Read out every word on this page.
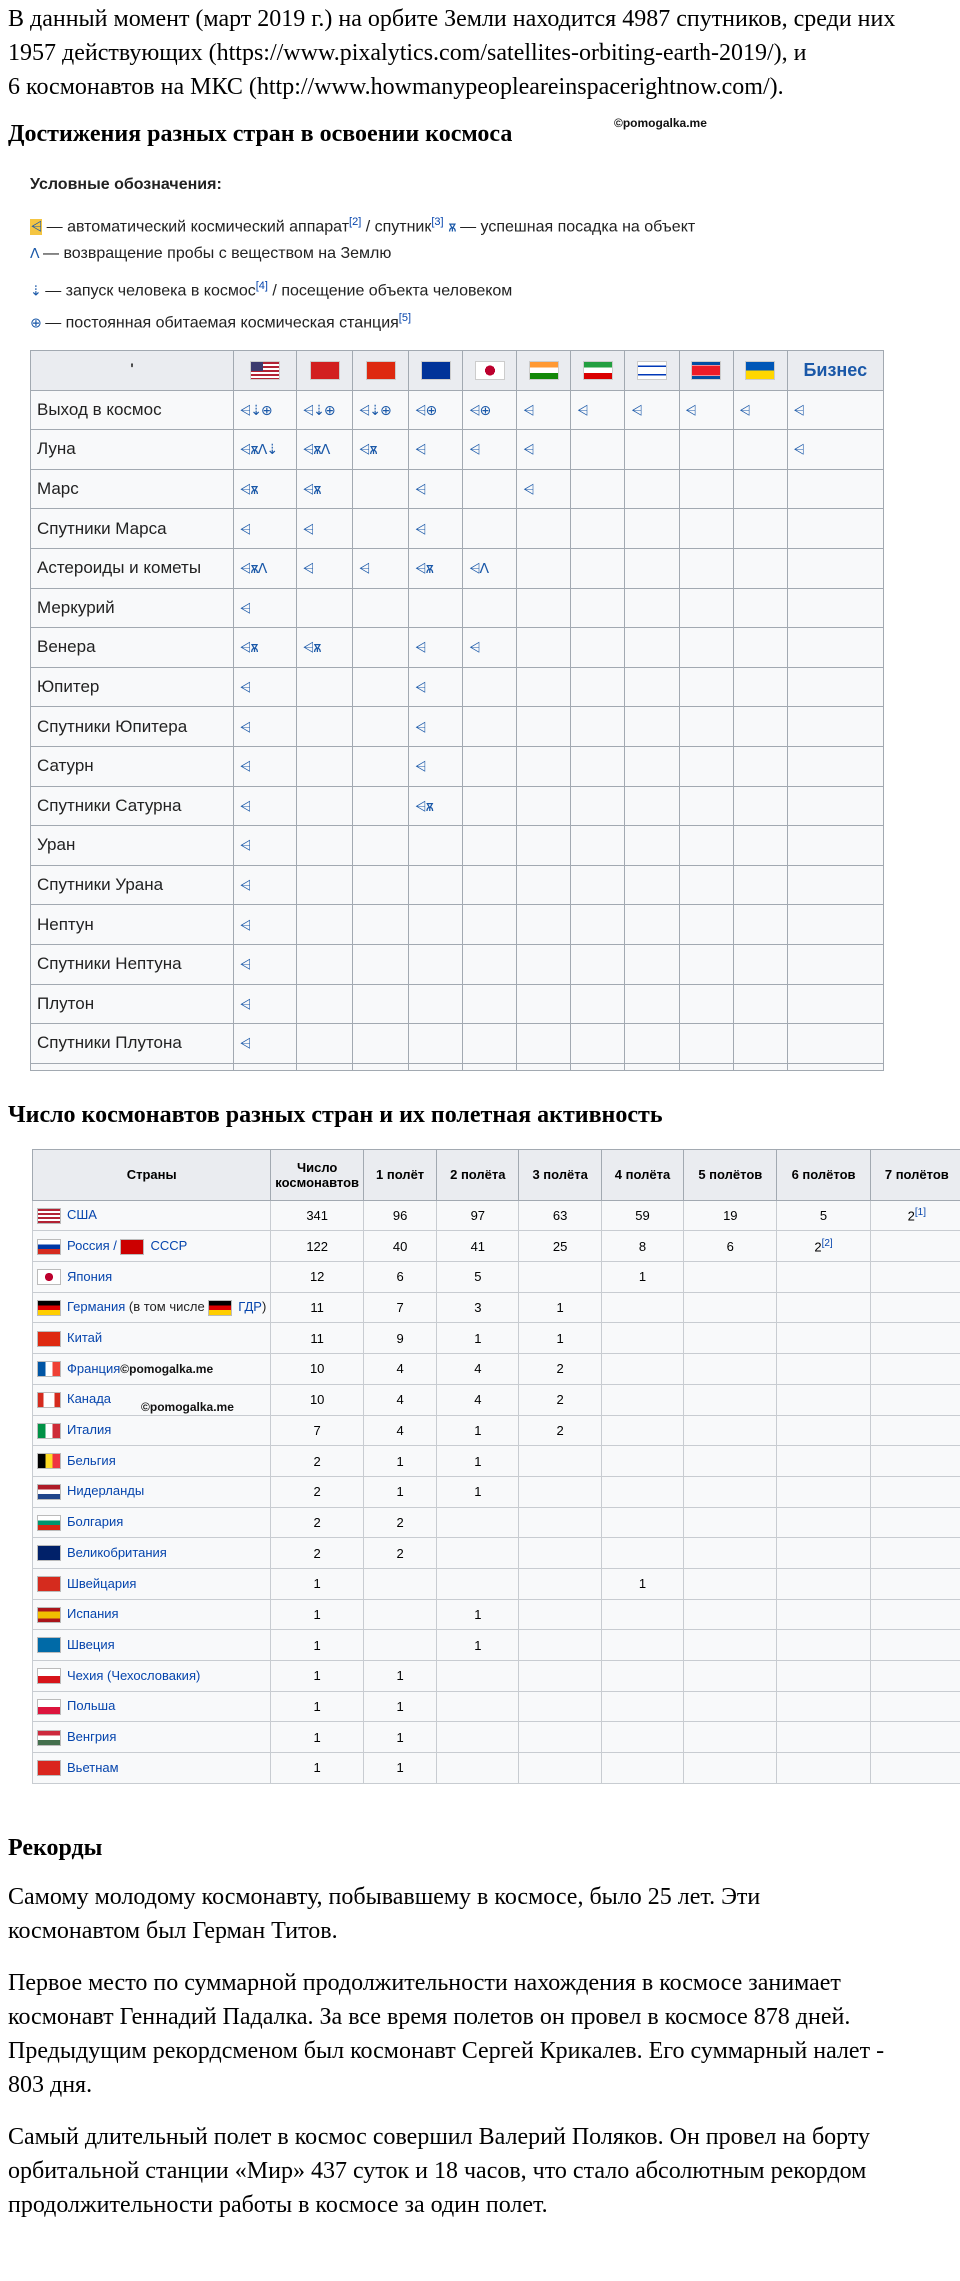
В данный момент (март 2019 г.) на орбите Земли находится 4987 спутников, среди них
1957 действующих (https://www.pixalytics.com/satellites-orbiting-earth-2019/), и
6 космонавтов на МКС (http://www.howmanypeopleareinspacerightnow.com/).

Достижения разных стран в освоении космоса	©pomogalka.me
Условные обозначения:
⩤ — автоматический космический аппарат[2] / спутник[3] ѫ — успешная посадка на объект
ⴷ — возвращение пробы с веществом на Землю
⇣ — запуск человека в космос[4] / посещение объекта человеком
⊕ — постоянная обитаемая космическая станция[5]
'											Бизнес
Выход в космос	⩤⇣⊕	⩤⇣⊕	⩤⇣⊕	⩤⊕	⩤⊕	⩤	⩤	⩤	⩤	⩤	⩤
Луна	⩤ѫⴷ⇣	⩤ѫⴷ	⩤ѫ	⩤	⩤	⩤					⩤
Марс	⩤ѫ	⩤ѫ		⩤		⩤					
Спутники Марса	⩤	⩤		⩤							
Астероиды и кометы	⩤ѫⴷ	⩤	⩤	⩤ѫ	⩤ⴷ						
Меркурий	⩤										
Венера	⩤ѫ	⩤ѫ		⩤	⩤						
Юпитер	⩤			⩤							
Спутники Юпитера	⩤			⩤							
Сатурн	⩤			⩤							
Спутники Сатурна	⩤			⩤ѫ							
Уран	⩤										
Спутники Урана	⩤										
Нептун	⩤										
Спутники Нептуна	⩤										
Плутон	⩤										
Спутники Плутона	⩤										

Число космонавтов разных стран и их полетная активность

Страны	Число космонавтов	1 полёт	2 полёта	3 полёта	4 полёта	5 полётов	6 полётов	7 полётов
США	341	96	97	63	59	19	5	2[1]
Россия / СССР	122	40	41	25	8	6	2[2]	
Япония	12	6	5		1			
Германия (в том числе ГДР)	11	7	3	1				
Китай	11	9	1	1				
Франция©pomogalka.me	10	4	4	2				
Канада©pomogalka.me	10	4	4	2				
Италия	7	4	1	2				
Бельгия	2	1	1					
Нидерланды	2	1	1					
Болгария	2	2						
Великобритания	2	2						
Швейцария	1				1			
Испания	1		1					
Швеция	1		1					
Чехия (Чехословакия)	1	1						
Польша	1	1						
Венгрия	1	1						
Вьетнам	1	1						

Рекорды

Самому молодому космонавту, побывавшему в космосе, было 25 лет. Эти
космонавтом был Герман Титов.

Первое место по суммарной продолжительности нахождения в космосе занимает
космонавт Геннадий Падалка. За все время полетов он провел в космосе 878 дней.
Предыдущим рекордсменом был космонавт Сергей Крикалев. Его суммарный налет -
803 дня.

Самый длительный полет в космос совершил Валерий Поляков. Он провел на борту
орбитальной станции «Мир» 437 суток и 18 часов, что стало абсолютным рекордом
продолжительности работы в космосе за один полет.
